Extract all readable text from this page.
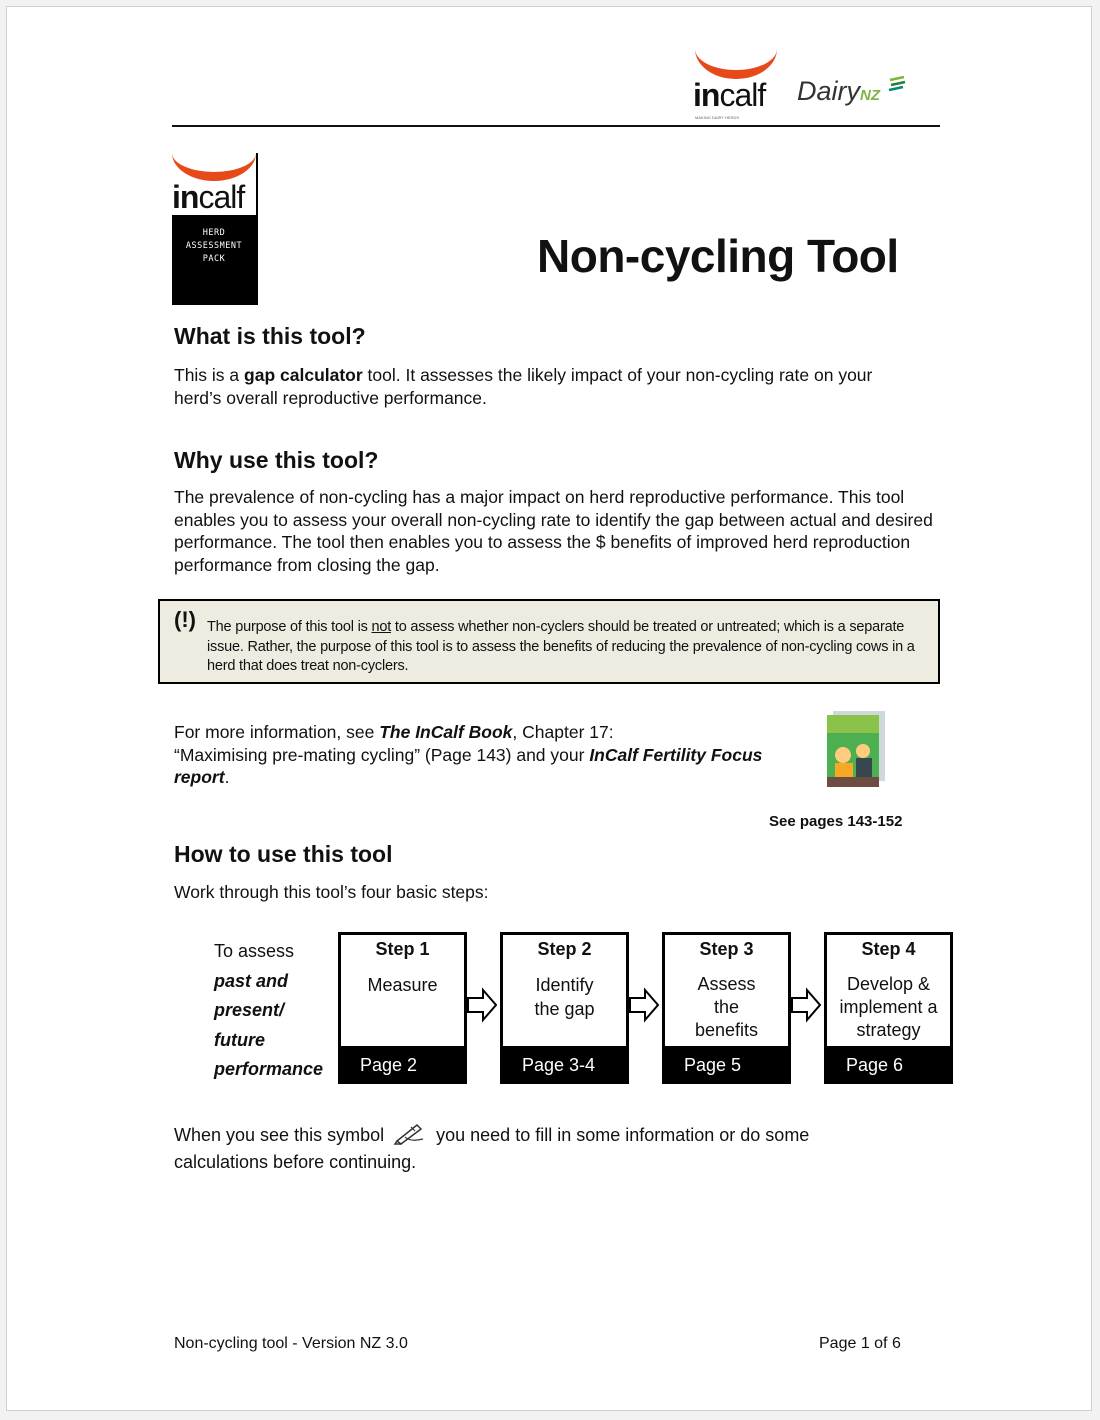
incalf
MAKING DAIRY HERDS
DairyNZ
incalf
HERD
ASSESSMENT
PACK	Non-cycling Tool
What is this tool?
This is a gap calculator tool. It assesses the likely impact of your non-cycling rate on your herd’s overall reproductive performance.
Why use this tool?
The prevalence of non-cycling has a major impact on herd reproductive performance. This tool enables you to assess your overall non-cycling rate to identify the gap between actual and desired performance. The tool then enables you to assess the $ benefits of improved herd reproduction performance from closing the gap.
(!) The purpose of this tool is not to assess whether non-cyclers should be treated or untreated; which is a separate issue. Rather, the purpose of this tool is to assess the benefits of reducing the prevalence of non-cycling cows in a herd that does treat non-cyclers.
For more information, see The InCalf Book, Chapter 17:
“Maximising pre-mating cycling” (Page 143) and your InCalf Fertility Focus report.
See pages 143-152
How to use this tool
Work through this tool’s four basic steps:
To assess
past and
present/
future
performance
Step 1
Measure
Page 2
Step 2
Identify the gap
Page 3-4
Step 3
Assess the benefits
Page 5
Step 4
Develop & implement a strategy
Page 6
When you see this symbol	you need to fill in some information or do some calculations before continuing.
Non-cycling tool - Version NZ 3.0	Page 1 of 6
